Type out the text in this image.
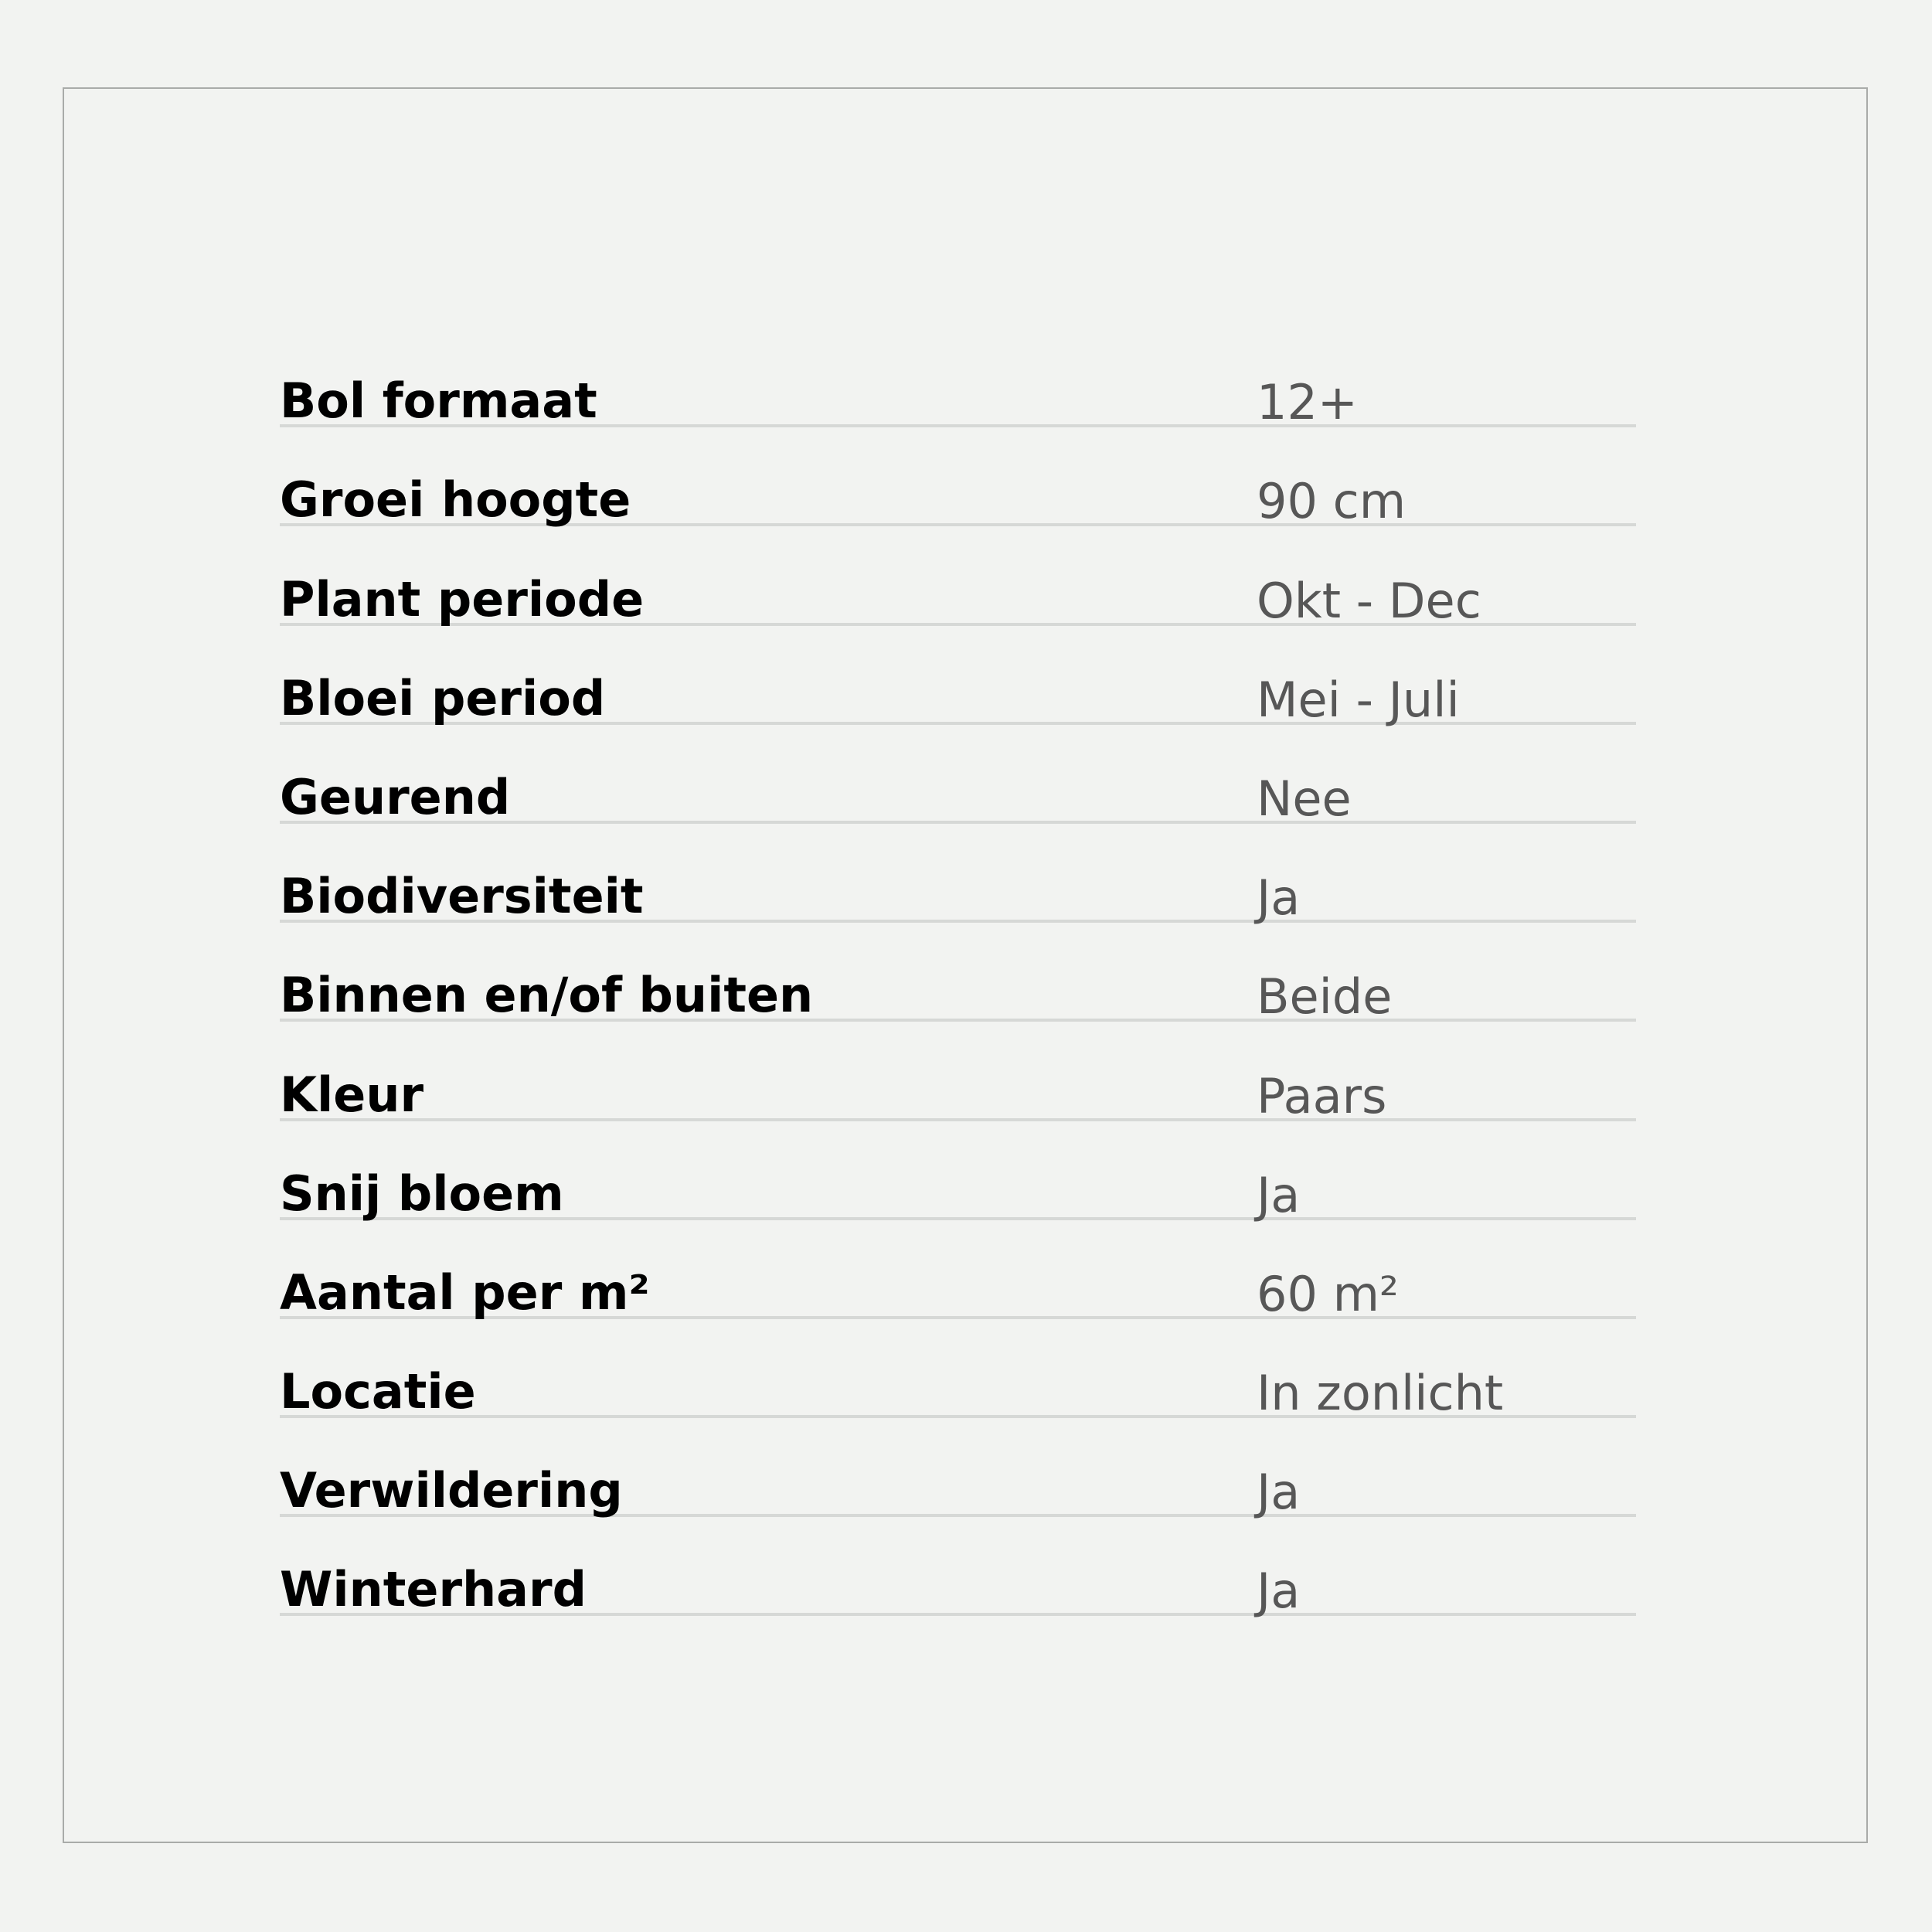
Bol formaat	12+
Groei hoogte	90 cm
Plant periode	Okt - Dec
Bloei period	Mei - Juli
Geurend	Nee
Biodiversiteit	Ja
Binnen en/of buiten	Beide
Kleur	Paars
Snij bloem	Ja
Aantal per m²	60 m²
Locatie	In zonlicht
Verwildering	Ja
Winterhard	Ja
